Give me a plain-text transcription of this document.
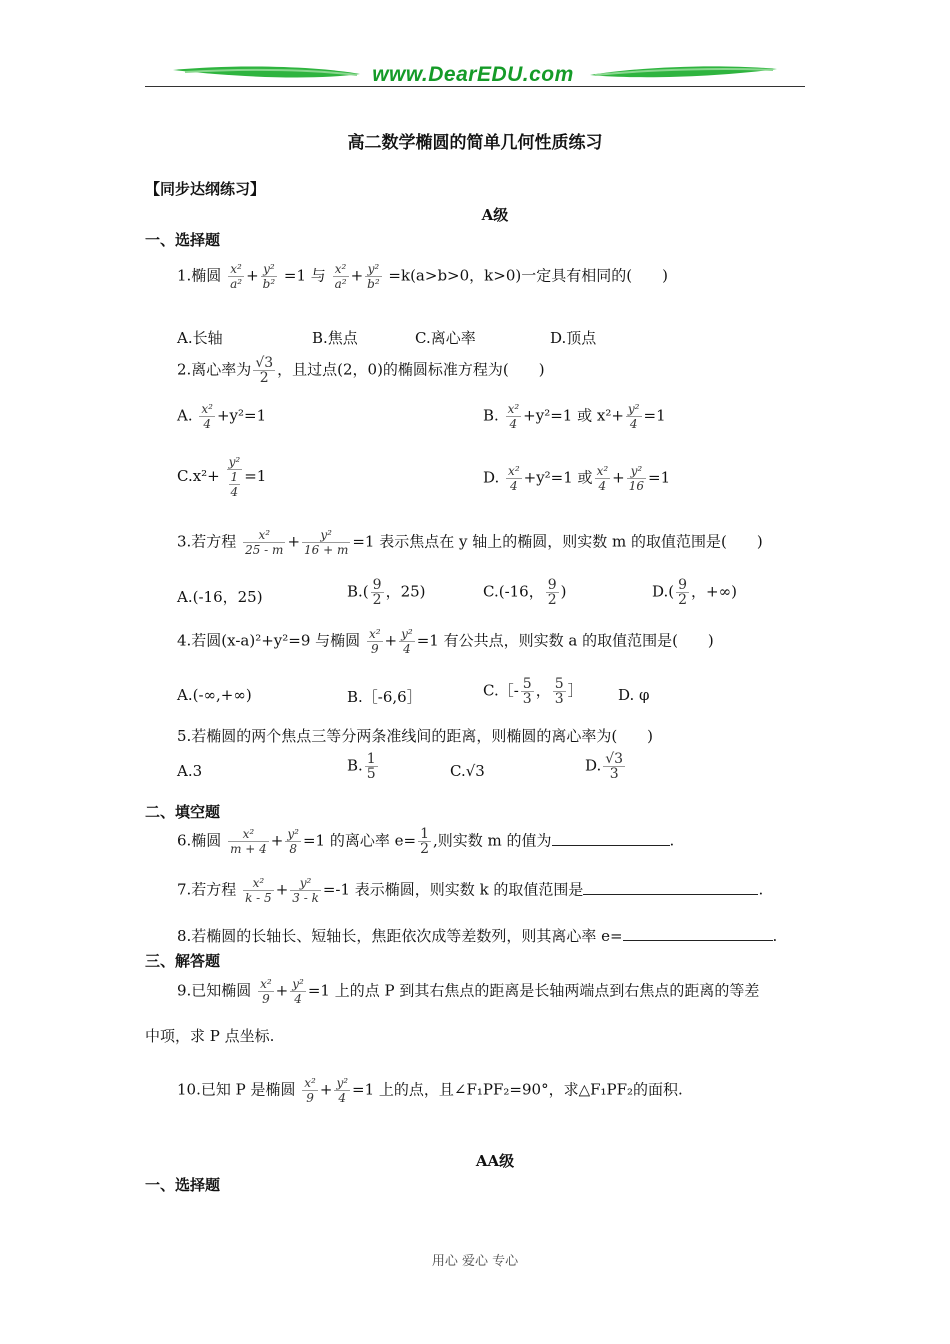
www.DearEDU.com
高二数学椭圆的简单几何性质练习
【同步达纲练习】
A级
一、选择题
1.椭圆 $\frac{\text{x²}}{\text{a²}} + \frac{\text{y²}}{\text{b²}} =1$ 与 $\frac{\text{x²}}{\text{a²}} + \frac{\text{y²}}{\text{b²}} =k(a>b>0$，k>0)一定具有相同的(　　)
A.长轴	B.焦点	C.离心率	D.顶点
2.离心率为 $\frac{√3}{2}$ ，且过点(2，0)的椭圆标准方程为(　　)
A. $\frac{\text{x²}}{4} +y^2=1$	B. $\frac{\text{x²}}{4} +y^2=1$ 或 $x^2+ \frac{\text{y²}}{4} =1$
$C.x^2+ \frac{\text{y²}}{\frac{1}{4}} =1$	D. $\frac{\text{x²}}{4} +y^2=1$ 或 $\frac{\text{x²}}{4} + \frac{\text{y²}}{16} =1$
3.若方程 $\frac{\text{x²}}{25 - m} + \frac{\text{y²}}{16 + m} =1$ 表示焦点在 y 轴上的椭圆，则实数 m 的取值范围是(　　)
A.(-16，25)	$B.( \frac{9}{2}$ ，25)	C.(-16， $\frac{9}{2}$ )	$D.( \frac{9}{2}$ ，+∞)
4.若圆(x-a)²+y²=9 与椭圆 $\frac{\text{x²}}{9} + \frac{\text{y²}}{4} =1$ 有公共点，则实数 a 的取值范围是(　　)
A.(-∞,+∞)	B.［-6,6］	C.［- $\frac{5}{3}$ ， $\frac{5}{3}$ ］ D. φ
5.若椭圆的两个焦点三等分两条准线间的距离，则椭圆的离心率为(　　)
A.3	B. $\frac{1}{5}$	C.√3	D. $\frac{√3}{3}$
二、填空题
6.椭圆 $\frac{\text{x²}}{m + 4} + \frac{\text{y²}}{8} =1$ 的离心率 $e= \frac{1}{2}$ ,则实数 m 的值为	.
7.若方程 $\frac{\text{x²}}{k - 5} + \frac{\text{y²}}{3 - k} =-1$ 表示椭圆，则实数 k 的取值范围是	.
8.若椭圆的长轴长、短轴长，焦距依次成等差数列，则其离心率 e=	.
三、解答题
9.已知椭圆 $\frac{\text{x²}}{9} + \frac{\text{y²}}{4} =1$ 上的点 P 到其右焦点的距离是长轴两端点到右焦点的距离的等差
中项，求 P 点坐标.
10.已知 P 是椭圆 $\frac{\text{x²}}{9} + \frac{\text{y²}}{4} =1$ 上的点，且∠F₁PF₂=90°，求△F₁PF₂的面积.
AA级
一、选择题
用心 爱心 专心
